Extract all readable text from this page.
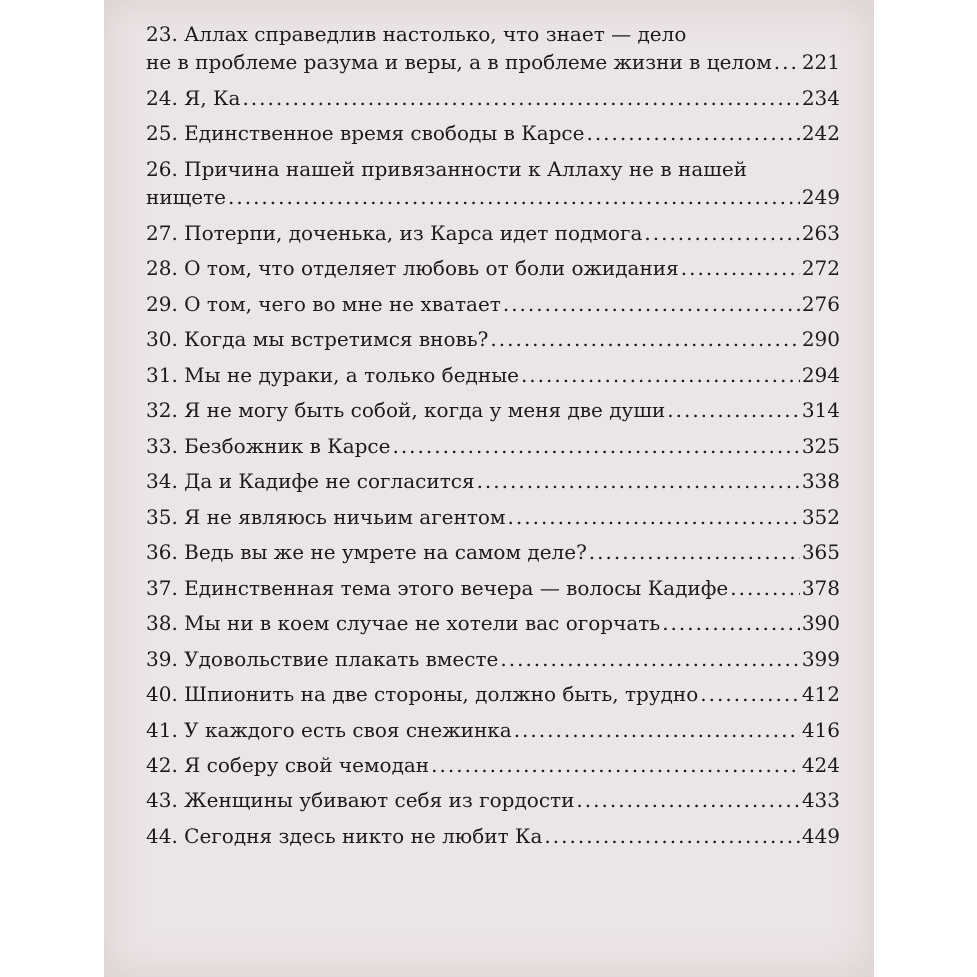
23. Аллах справедлив настолько, что знает — дело
не в проблеме разума и веры, а в проблеме жизни в целом ..... 221
24. Я, Ка .....	234
25. Единственное время свободы в Карсе .....	242
26. Причина нашей привязанности к Аллаху не в нашей
нищете .....	249
27. Потерпи, доченька, из Карса идет подмога .....	263
28. О том, что отделяет любовь от боли ожидания .....	272
29. О том, чего во мне не хватает .....	276
30. Когда мы встретимся вновь? .....	290
31. Мы не дураки, а только бедные .....	294
32. Я не могу быть собой, когда у меня две души .....	314
33. Безбожник в Карсе .....	325
34. Да и Кадифе не согласится .....	338
35. Я не являюсь ничьим агентом .....	352
36. Ведь вы же не умрете на самом деле? .....	365
37. Единственная тема этого вечера — волосы Кадифе .....	378
38. Мы ни в коем случае не хотели вас огорчать .....	390
39. Удовольствие плакать вместе .....	399
40. Шпионить на две стороны, должно быть, трудно .....	412
41. У каждого есть своя снежинка .....	416
42. Я соберу свой чемодан .....	424
43. Женщины убивают себя из гордости .....	433
44. Сегодня здесь никто не любит Ка .....	449
